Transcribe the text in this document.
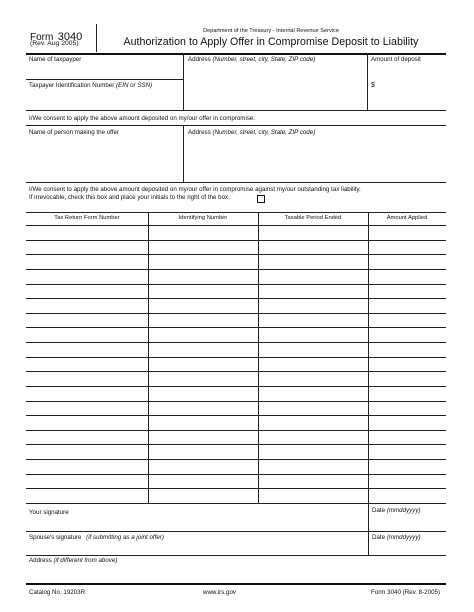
Form 3040
(Rev. Aug 2005)
Department of the Treasury - Internal Revenue Service
Authorization to Apply Offer in Compromise Deposit to Liability
Name of taxpayper	Address (Number, street, city, State, ZIP code)	Amount of deposit
$
Taxpayer Identification Number (EIN or SSN)
I/We consent to apply the above amount deposited on my/our offer in compromise.
Name of person making the offer	Address (Number, street, city, State, ZIP code)
I/We consent to apply the above amount deposited on my/our offer in compromise against my/our outstanding tax liability.
If irrevocable, check this box and place your initials to the right of the box.
Tax Return Form Number	Identifying Number	Taxable Period Ended	Amount Applied
Your signature	Date (mmddyyyy)
Spouse's signature (if submitting as a joint offer)	Date (mmddyyyy)
Address (if different from above)
Catalog No. 19203R	www.irs.gov	Form 3040 (Rev. 8-2005)
